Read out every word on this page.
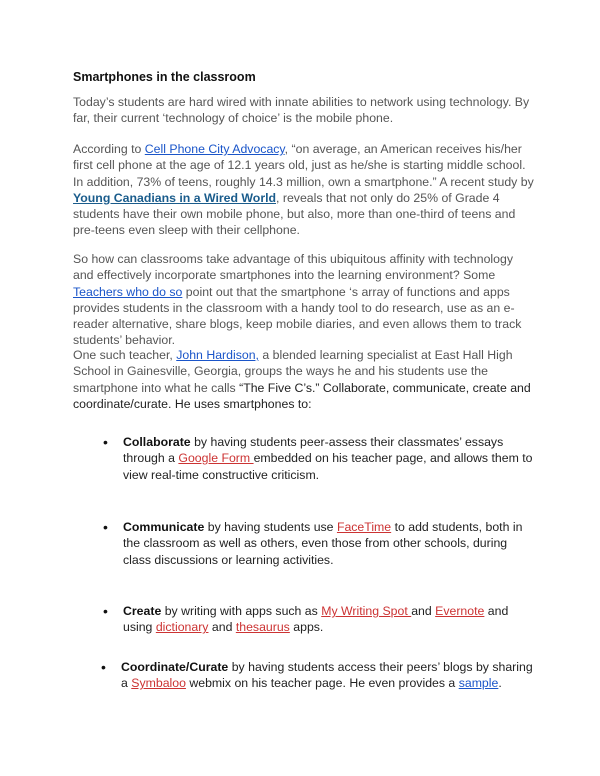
Smartphones in the classroom

Today’s students are hard wired with innate abilities to network using technology. By far, their current ‘technology of choice’ is the mobile phone.

According to Cell Phone City Advocacy, “on average, an American receives his/her first cell phone at the age of 12.1 years old, just as he/she is starting middle school. In addition, 73% of teens, roughly 14.3 million, own a smartphone.” A recent study by Young Canadians in a Wired World, reveals that not only do 25% of Grade 4 students have their own mobile phone, but also, more than one-third of teens and pre-teens even sleep with their cellphone.

So how can classrooms take advantage of this ubiquitous affinity with technology and effectively incorporate smartphones into the learning environment? Some Teachers who do so point out that the smartphone ‘s array of functions and apps provides students in the classroom with a handy tool to do research, use as an e-reader alternative, share blogs, keep mobile diaries, and even allows them to track students’ behavior.

One such teacher, John Hardison, a blended learning specialist at East Hall High School in Gainesville, Georgia, groups the ways he and his students use the smartphone into what he calls “The Five C’s.” Collaborate, communicate, create and coordinate/curate. He uses smartphones to:

• Collaborate by having students peer-assess their classmates’ essays through a Google Form embedded on his teacher page, and allows them to view real-time constructive criticism.

• Communicate by having students use FaceTime to add students, both in the classroom as well as others, even those from other schools, during class discussions or learning activities.

• Create by writing with apps such as My Writing Spot and Evernote and using dictionary and thesaurus apps.

• Coordinate/Curate by having students access their peers’ blogs by sharing a Symbaloo webmix on his teacher page. He even provides a sample.
